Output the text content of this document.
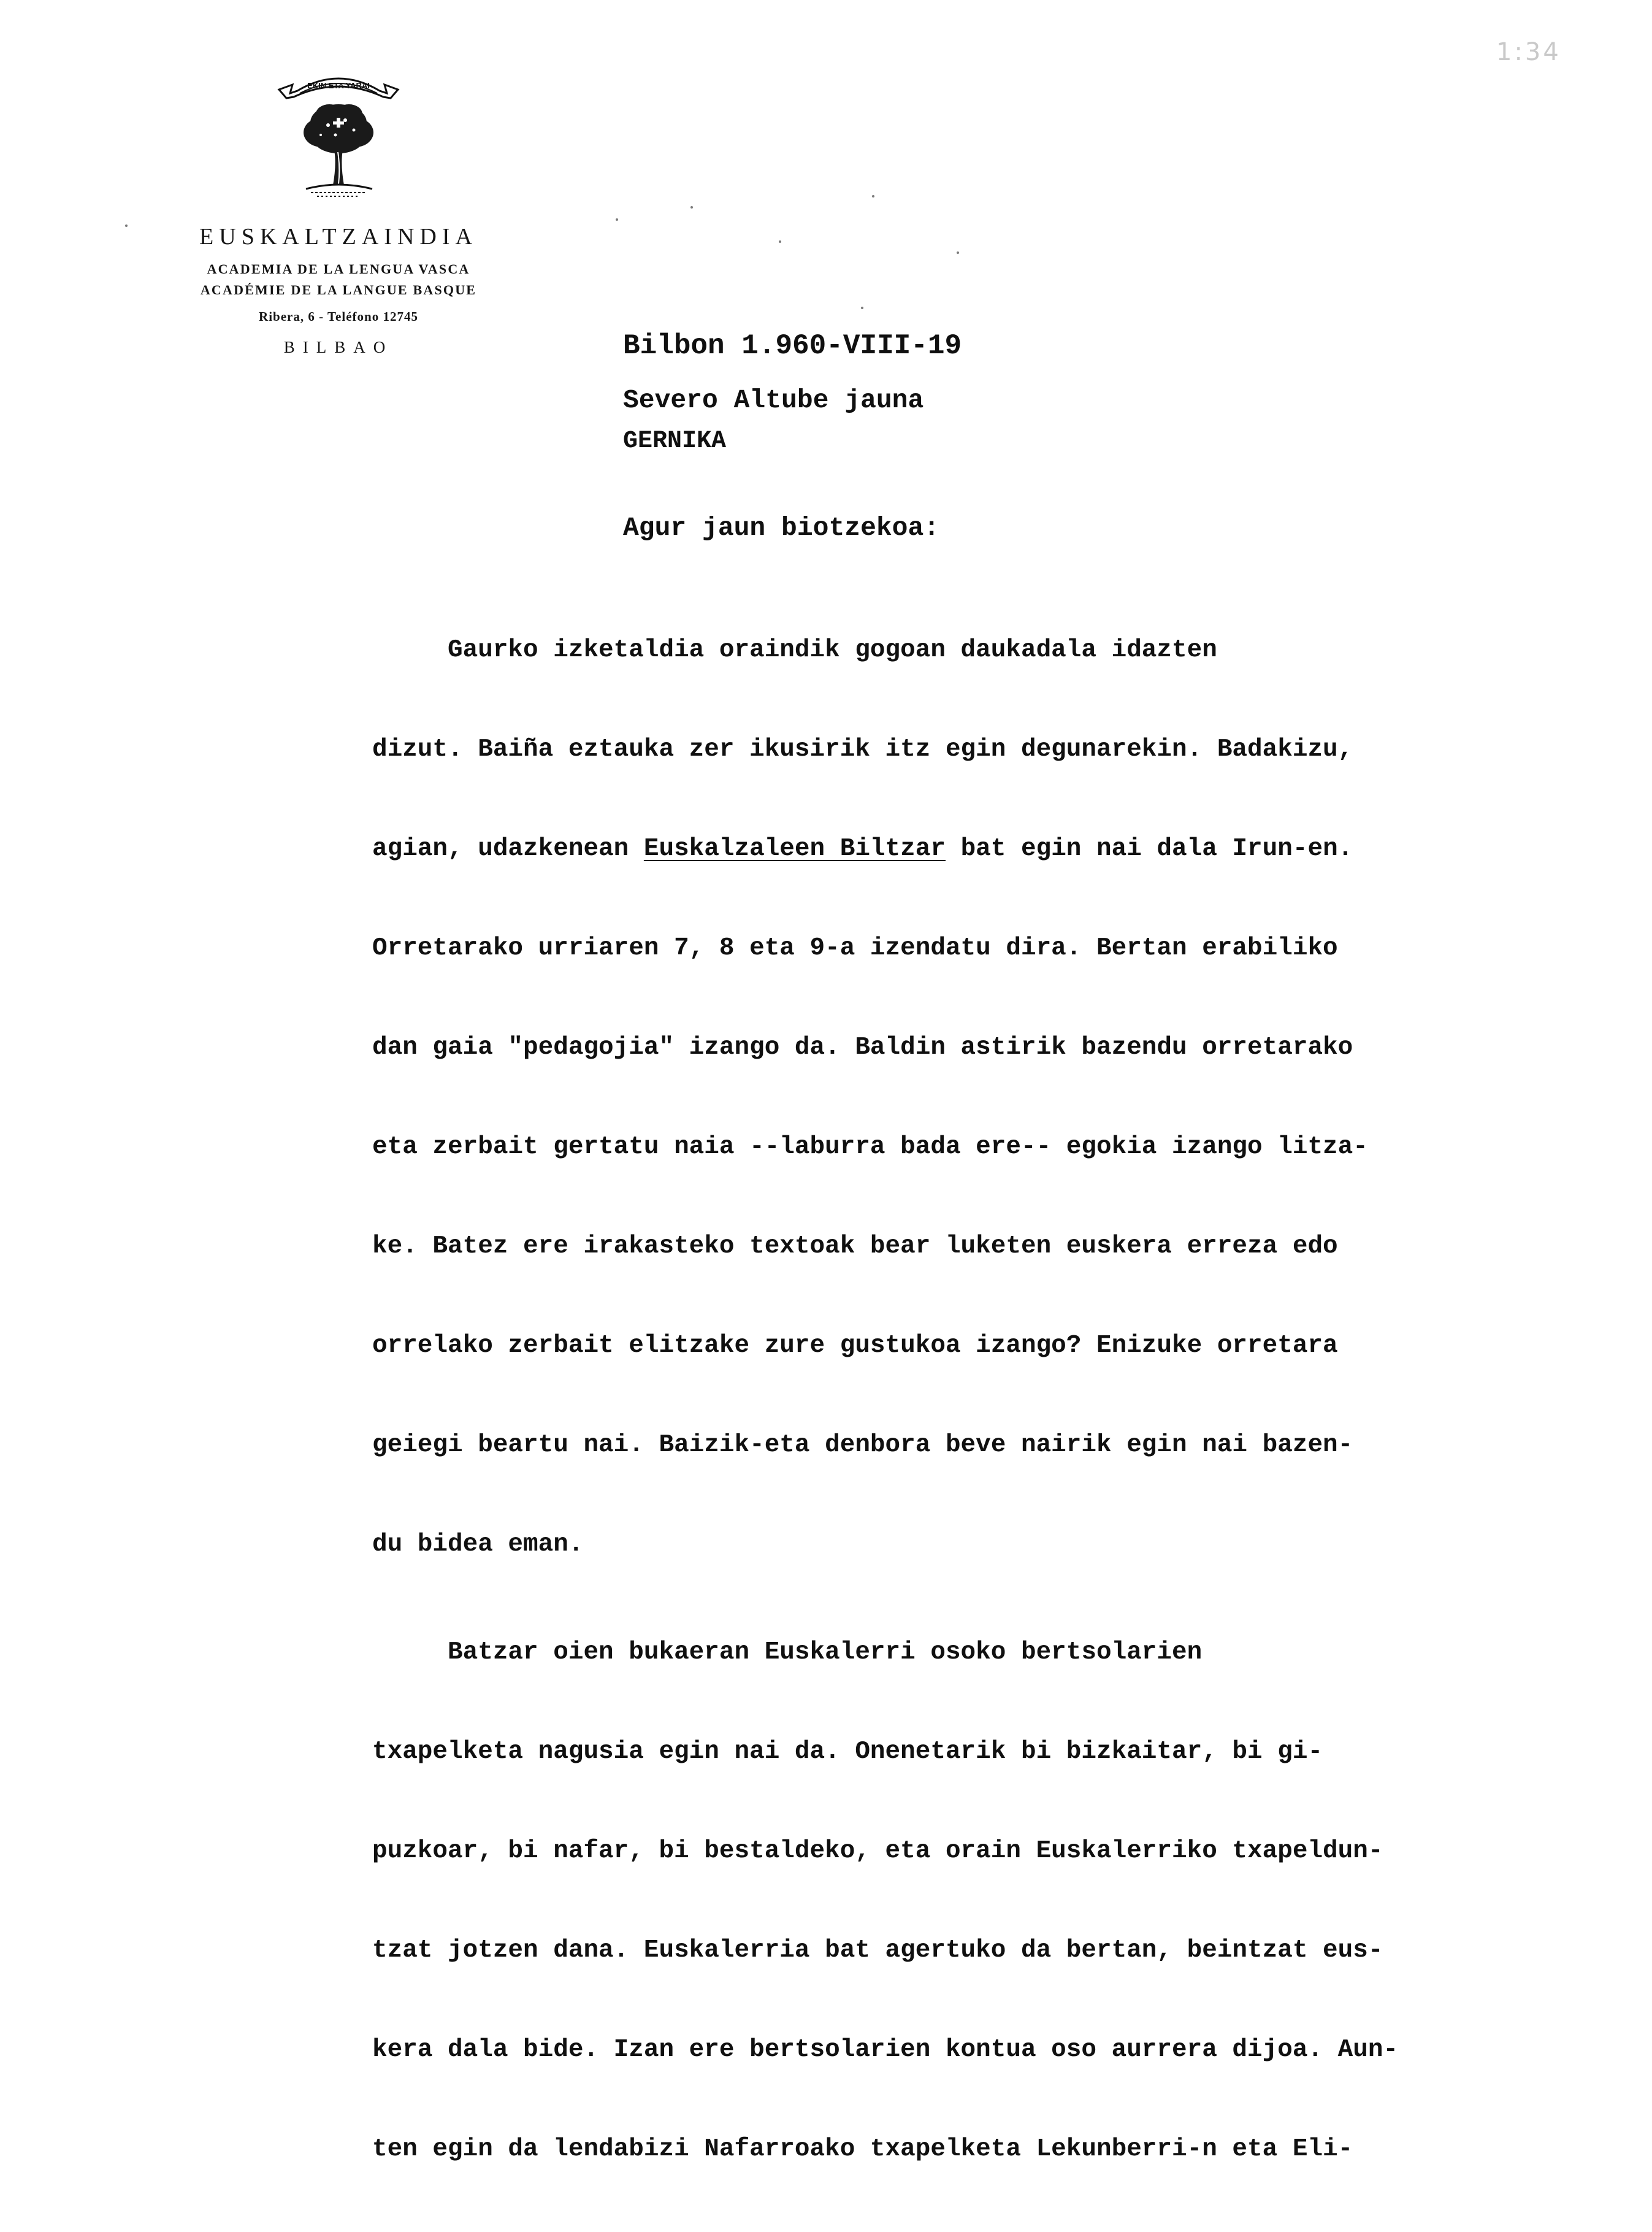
1:34
EKIN ETA YARAI
EUSKALTZAINDIA
ACADEMIA DE LA LENGUA VASCA
ACADÉMIE DE LA LANGUE BASQUE
Ribera, 6 - Teléfono 12745
BILBAO	Bilbon 1.960-VIII-19
Severo Altube jauna
GERNIKA
Agur jaun biotzekoa:

Gaurko izketaldia oraindik gogoan daukadala idazten

dizut. Baiña eztauka zer ikusirik itz egin degunarekin. Badakizu,

agian, udazkenean Euskalzaleen Biltzar bat egin nai dala Irun-en.

Orretarako urriaren 7, 8 eta 9-a izendatu dira. Bertan erabiliko

dan gaia "pedagojia" izango da. Baldin astirik bazendu orretarako

eta zerbait gertatu naia --laburra bada ere-- egokia izango litza-

ke. Batez ere irakasteko textoak bear luketen euskera erreza edo

orrelako zerbait elitzake zure gustukoa izango? Enizuke orretara

geiegi beartu nai. Baizik-eta denbora beve nairik egin nai bazen-

du bidea eman.

Batzar oien bukaeran Euskalerri osoko bertsolarien

txapelketa nagusia egin nai da. Onenetarik bi bizkaitar, bi gi-

puzkoar, bi nafar, bi bestaldeko, eta orain Euskalerriko txapeldun-

tzat jotzen dana. Euskalerria bat agertuko da bertan, beintzat eus-

kera dala bide. Izan ere bertsolarien kontua oso aurrera dijoa. Aun-

ten egin da lendabizi Nafarroako txapelketa Lekunberri-n eta Eli-
